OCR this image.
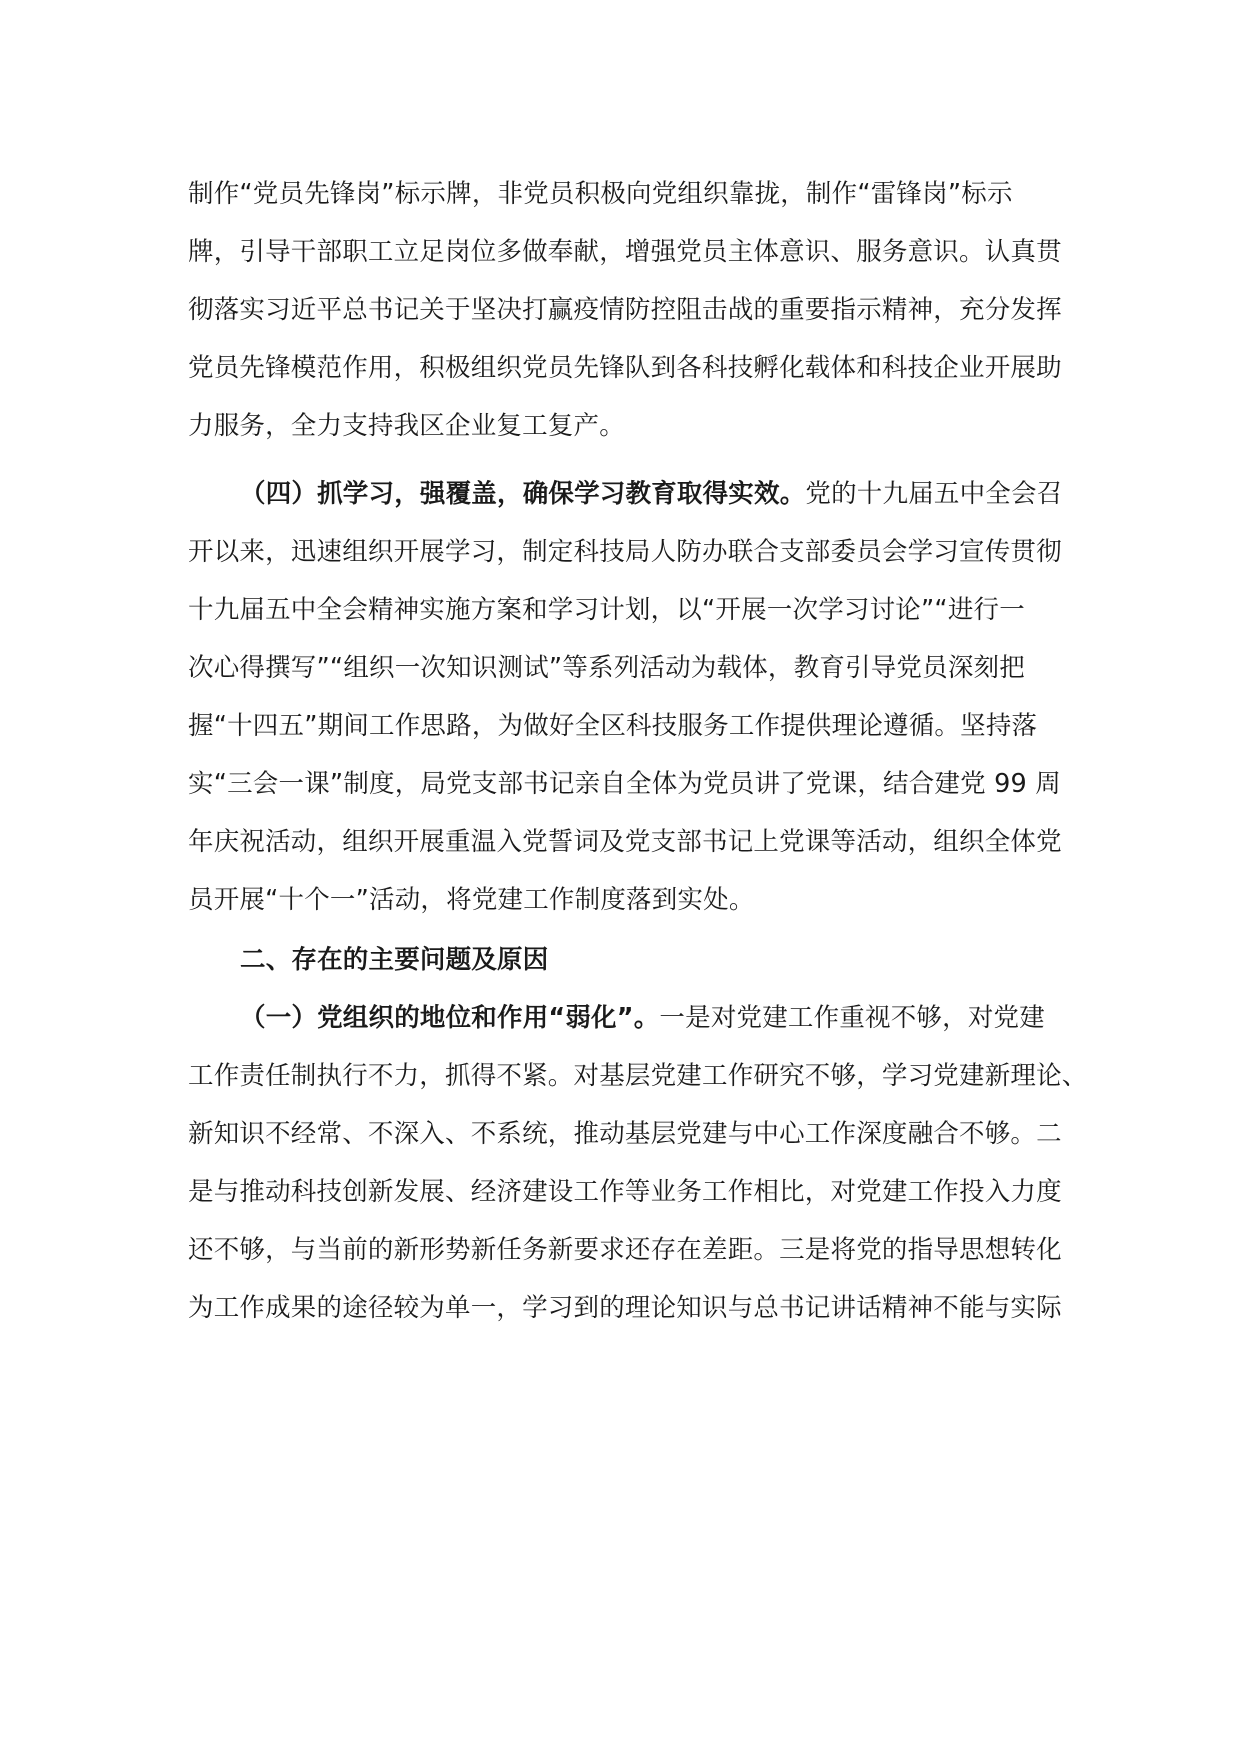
制作“党员先锋岗”标示牌，非党员积极向党组织靠拢，制作“雷锋岗”标示
牌，引导干部职工立足岗位多做奉献，增强党员主体意识、服务意识。认真贯
彻落实习近平总书记关于坚决打赢疫情防控阻击战的重要指示精神，充分发挥
党员先锋模范作用，积极组织党员先锋队到各科技孵化载体和科技企业开展助
力服务，全力支持我区企业复工复产。
（四）抓学习，强覆盖，确保学习教育取得实效。党的十九届五中全会召
开以来，迅速组织开展学习，制定科技局人防办联合支部委员会学习宣传贯彻
十九届五中全会精神实施方案和学习计划，以“开展一次学习讨论”“进行一
次心得撰写”“组织一次知识测试”等系列活动为载体，教育引导党员深刻把
握“十四五”期间工作思路，为做好全区科技服务工作提供理论遵循。坚持落
实“三会一课”制度，局党支部书记亲自全体为党员讲了党课，结合建党 99 周
年庆祝活动，组织开展重温入党誓词及党支部书记上党课等活动，组织全体党
员开展“十个一”活动，将党建工作制度落到实处。
二、存在的主要问题及原因
（一）党组织的地位和作用“弱化”。一是对党建工作重视不够，对党建
工作责任制执行不力，抓得不紧。对基层党建工作研究不够，学习党建新理论、
新知识不经常、不深入、不系统，推动基层党建与中心工作深度融合不够。二
是与推动科技创新发展、经济建设工作等业务工作相比，对党建工作投入力度
还不够，与当前的新形势新任务新要求还存在差距。三是将党的指导思想转化
为工作成果的途径较为单一，学习到的理论知识与总书记讲话精神不能与实际
